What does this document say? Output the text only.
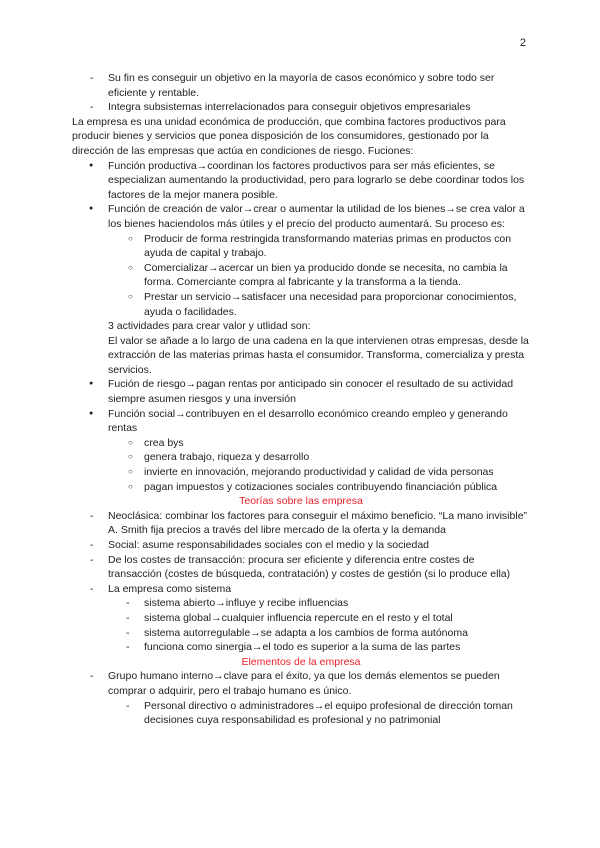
2
- Su fin es conseguir un objetivo en la mayoría de casos económico y sobre todo ser eficiente y rentable.
- Integra subsistemas interrelacionados para conseguir objetivos empresariales

La empresa es una unidad económica de producción, que combina factores productivos para producir bienes y servicios que ponea disposición de los consumidores, gestionado por la dirección de las empresas que actúa en condiciones de riesgo. Fuciones:

● Función productiva→coordinan los factores productivos para ser más eficientes, se especializan aumentando la productividad, pero para lograrlo se debe coordinar todos los factores de la mejor manera posible.
● Función de creación de valor→crear o aumentar la utilidad de los bienes→se crea valor a los bienes haciendolos más útiles y el precio del producto aumentará. Su proceso es:
○ Producir de forma restringida transformando materias primas en productos con ayuda de capital y trabajo.
○ Comercializar→acercar un bien ya producido donde se necesita, no cambia la forma. Comerciante compra al fabricante y la transforma a la tienda.
○ Prestar un servicio→satisfacer una necesidad para proporcionar conocimientos, ayuda o facilidades.

3 actividades para crear valor y utlidad son:

El valor se añade a lo largo de una cadena en la que intervienen otras empresas, desde la extracción de las materias primas hasta el consumidor. Transforma, comercializa y presta servicios.

● Fución de riesgo→pagan rentas por anticipado sin conocer el resultado de su actividad siempre asumen riesgos y una inversión
● Función social→contribuyen en el desarrollo económico creando empleo y generando rentas
○ crea bys
○ genera trabajo, riqueza y desarrollo
○ invierte en innovación, mejorando productividad y calidad de vida personas
○ pagan impuestos y cotizaciones sociales contribuyendo financiación pública

Teorías sobre las empresa

- Neoclásica: combinar los factores para conseguir el máximo beneficio. “La mano invisible” A. Smith fija precios a través del libre mercado de la oferta y la demanda
- Social: asume responsabilidades sociales con el medio y la sociedad
- De los costes de transacción: procura ser eficiente y diferencia entre costes de transacción (costes de búsqueda, contratación) y costes de gestión (si lo produce ella)
- La empresa como sistema
- sistema abierto→influye y recibe influencias
- sistema global→cualquier influencia repercute en el resto y el total
- sistema autorregulable→se adapta a los cambios de forma autónoma
- funciona como sinergia→el todo es superior a la suma de las partes

Elementos de la empresa

- Grupo humano interno→clave para el éxito, ya que los demás elementos se pueden comprar o adquirir, pero el trabajo humano es único.
- Personal directivo o administradores→el equipo profesional de dirección toman decisiones cuya responsabilidad es profesional y no patrimonial
